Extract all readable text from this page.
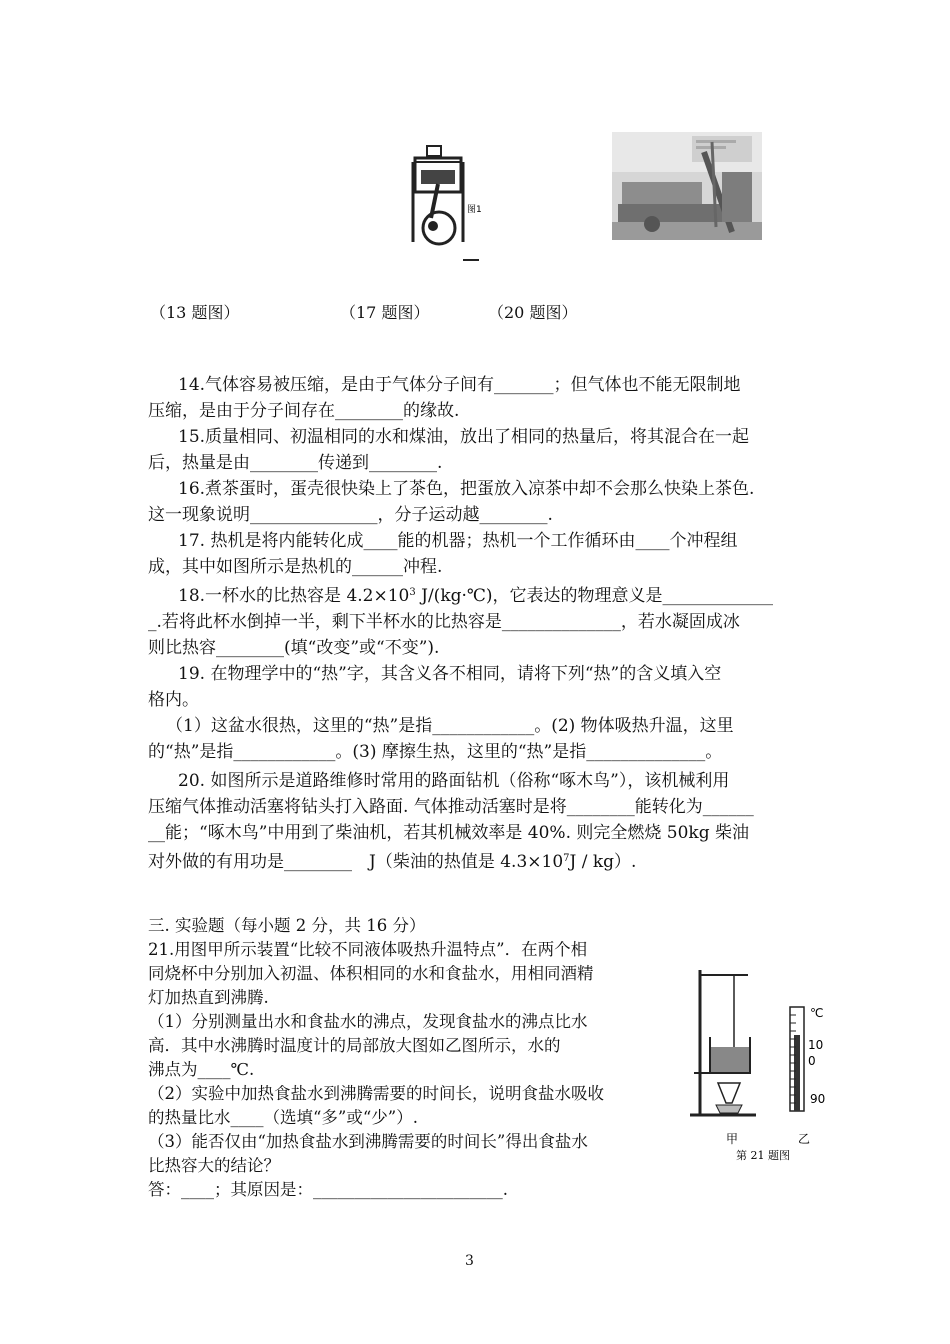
图1
（13 题图）	（17 题图）	（20 题图）
14.气体容易被压缩，是由于气体分子间有_______；但气体也不能无限制地
压缩，是由于分子间存在________的缘故.
15.质量相同、初温相同的水和煤油，放出了相同的热量后，将其混合在一起
后，热量是由________传递到________.
16.煮茶蛋时，蛋壳很快染上了茶色，把蛋放入凉茶中却不会那么快染上茶色.
这一现象说明_______________，分子运动越________.
17. 热机是将内能转化成____能的机器；热机一个工作循环由____个冲程组
成，其中如图所示是热机的______冲程.
18.一杯水的比热容是 $4.2\times 10^3$ J/(kg·℃)，它表达的物理意义是_____________
_.若将此杯水倒掉一半，剩下半杯水的比热容是______________，若水凝固成冰
则比热容________(填“改变”或“不变”).
19. 在物理学中的“热”字，其含义各不相同，请将下列“热”的含义填入空
格内。
（1）这盆水很热，这里的“热”是指____________。(2) 物体吸热升温，这里
的“热”是指____________。(3) 摩擦生热，这里的“热”是指______________。
20. 如图所示是道路维修时常用的路面钻机（俗称“啄木鸟”），该机械利用
压缩气体推动活塞将钻头打入路面. 气体推动活塞时是将________能转化为______
__能；“啄木鸟”中用到了柴油机，若其机械效率是 40%. 则完全燃烧 50kg 柴油
对外做的有用功是________　J（柴油的热值是 $4.3\times 10^7J / kg$）.
三. 实验题（每小题 2 分，共 16 分）
21.用图甲所示装置“比较不同液体吸热升温特点”．在两个相
同烧杯中分别加入初温、体积相同的水和食盐水，用相同酒精
灯加热直到沸腾.
（1）分别测量出水和食盐水的沸点，发现食盐水的沸点比水
高．其中水沸腾时温度计的局部放大图如乙图所示，水的
沸点为____℃.
（2）实验中加热食盐水到沸腾需要的时间长，说明食盐水吸收
的热量比水____（选填“多”或“少”）.
（3）能否仅由“加热食盐水到沸腾需要的时间长”得出食盐水
比热容大的结论？
答：____；其原因是：_______________________.
℃
10
0
90
甲	乙
第 21 题图
3
